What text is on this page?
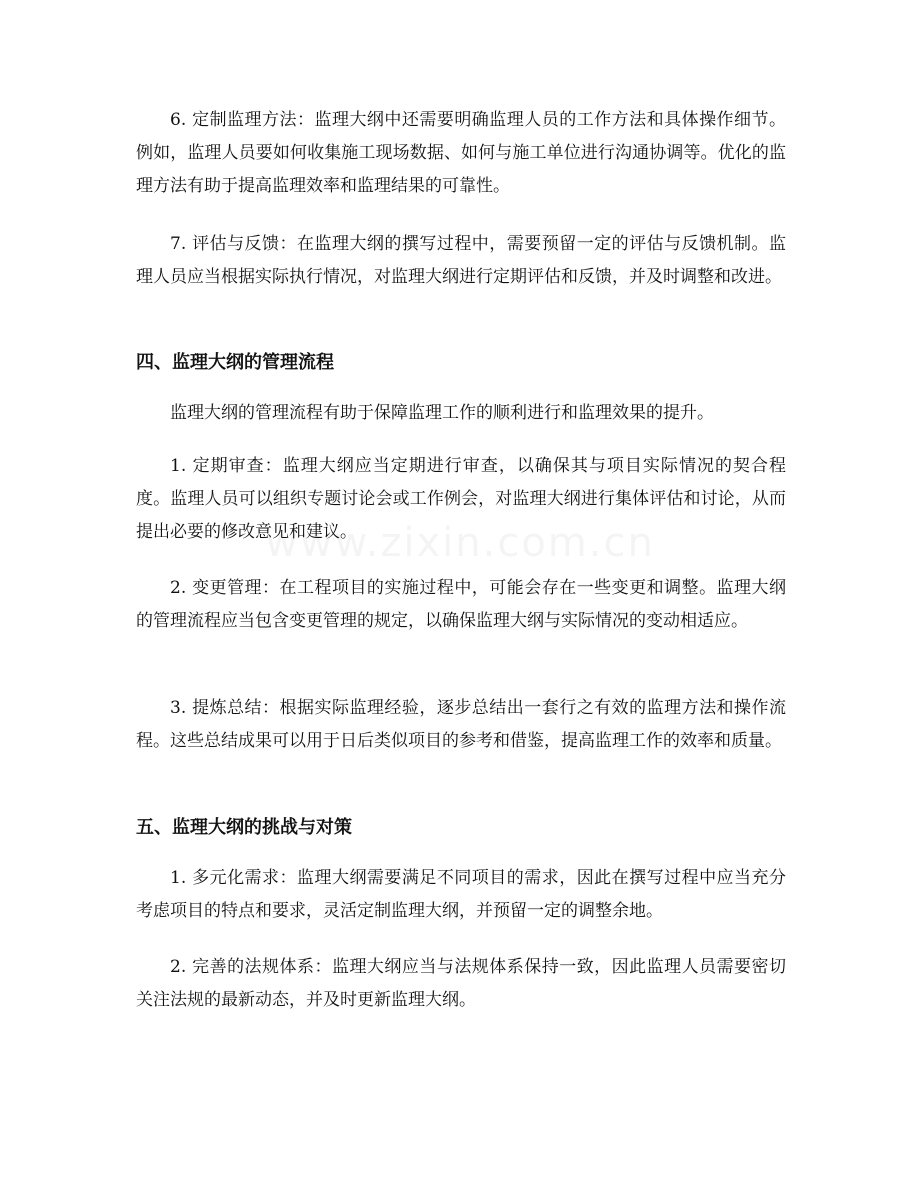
6. 定制监理方法：监理大纲中还需要明确监理人员的工作方法和具体操作细节。例如，监理人员要如何收集施工现场数据、如何与施工单位进行沟通协调等。优化的监理方法有助于提高监理效率和监理结果的可靠性。

7. 评估与反馈：在监理大纲的撰写过程中，需要预留一定的评估与反馈机制。监理人员应当根据实际执行情况，对监理大纲进行定期评估和反馈，并及时调整和改进。

四、监理大纲的管理流程

监理大纲的管理流程有助于保障监理工作的顺利进行和监理效果的提升。

1. 定期审查：监理大纲应当定期进行审查，以确保其与项目实际情况的契合程度。监理人员可以组织专题讨论会或工作例会，对监理大纲进行集体评估和讨论，从而提出必要的修改意见和建议。

2. 变更管理：在工程项目的实施过程中，可能会存在一些变更和调整。监理大纲的管理流程应当包含变更管理的规定，以确保监理大纲与实际情况的变动相适应。

3. 提炼总结：根据实际监理经验，逐步总结出一套行之有效的监理方法和操作流程。这些总结成果可以用于日后类似项目的参考和借鉴，提高监理工作的效率和质量。

五、监理大纲的挑战与对策

1. 多元化需求：监理大纲需要满足不同项目的需求，因此在撰写过程中应当充分考虑项目的特点和要求，灵活定制监理大纲，并预留一定的调整余地。

2. 完善的法规体系：监理大纲应当与法规体系保持一致，因此监理人员需要密切关注法规的最新动态，并及时更新监理大纲。
